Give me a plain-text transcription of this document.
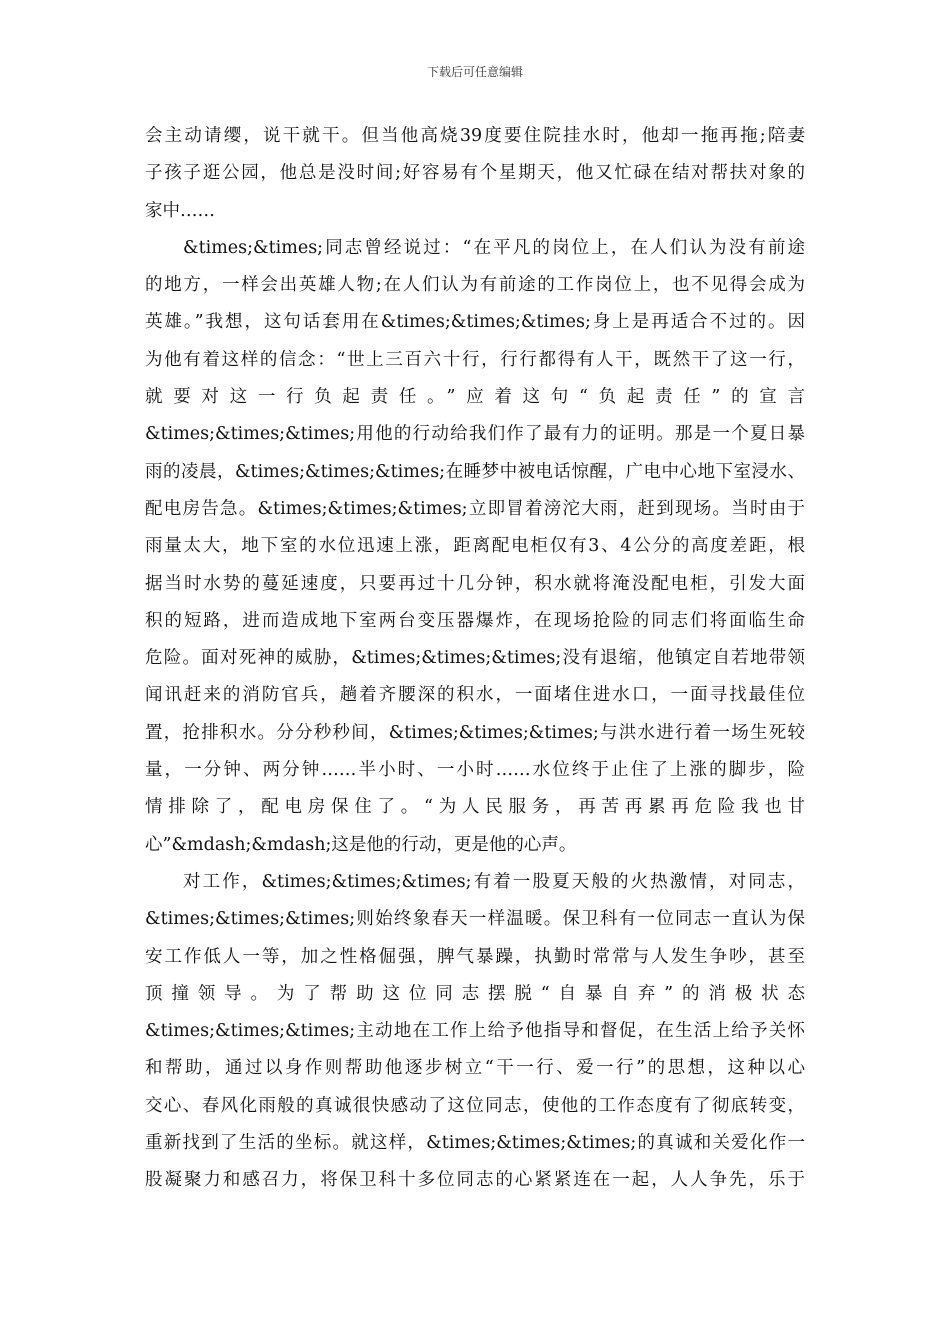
下载后可任意编辑
会主动请缨，说干就干。但当他高烧39度要住院挂水时，他却一拖再拖;陪妻
子孩子逛公园，他总是没时间;好容易有个星期天，他又忙碌在结对帮扶对象的
家中……
&times;&times;同志曾经说过：“在平凡的岗位上，在人们认为没有前途
的地方，一样会出英雄人物;在人们认为有前途的工作岗位上，也不见得会成为
英雄。”我想，这句话套用在&times;&times;&times;身上是再适合不过的。因
为他有着这样的信念：“世上三百六十行，行行都得有人干，既然干了这一行，
就要对这一行负起责任。”应着这句“负起责任”的宣言
&times;&times;&times;用他的行动给我们作了最有力的证明。那是一个夏日暴
雨的凌晨，&times;&times;&times;在睡梦中被电话惊醒，广电中心地下室浸水、
配电房告急。&times;&times;&times;立即冒着滂沱大雨，赶到现场。当时由于
雨量太大，地下室的水位迅速上涨，距离配电柜仅有3、4公分的高度差距，根
据当时水势的蔓延速度，只要再过十几分钟，积水就将淹没配电柜，引发大面
积的短路，进而造成地下室两台变压器爆炸，在现场抢险的同志们将面临生命
危险。面对死神的威胁，&times;&times;&times;没有退缩，他镇定自若地带领
闻讯赶来的消防官兵，趟着齐腰深的积水，一面堵住进水口，一面寻找最佳位
置，抢排积水。分分秒秒间，&times;&times;&times;与洪水进行着一场生死较
量，一分钟、两分钟……半小时、一小时……水位终于止住了上涨的脚步，险
情排除了，配电房保住了。“为人民服务，再苦再累再危险我也甘
心”&mdash;&mdash;这是他的行动，更是他的心声。
对工作，&times;&times;&times;有着一股夏天般的火热激情，对同志，
&times;&times;&times;则始终象春天一样温暖。保卫科有一位同志一直认为保
安工作低人一等，加之性格倔强，脾气暴躁，执勤时常常与人发生争吵，甚至
顶撞领导。为了帮助这位同志摆脱“自暴自弃”的消极状态
&times;&times;&times;主动地在工作上给予他指导和督促，在生活上给予关怀
和帮助，通过以身作则帮助他逐步树立“干一行、爱一行”的思想，这种以心
交心、春风化雨般的真诚很快感动了这位同志，使他的工作态度有了彻底转变，
重新找到了生活的坐标。就这样，&times;&times;&times;的真诚和关爱化作一
股凝聚力和感召力，将保卫科十多位同志的心紧紧连在一起，人人争先，乐于
